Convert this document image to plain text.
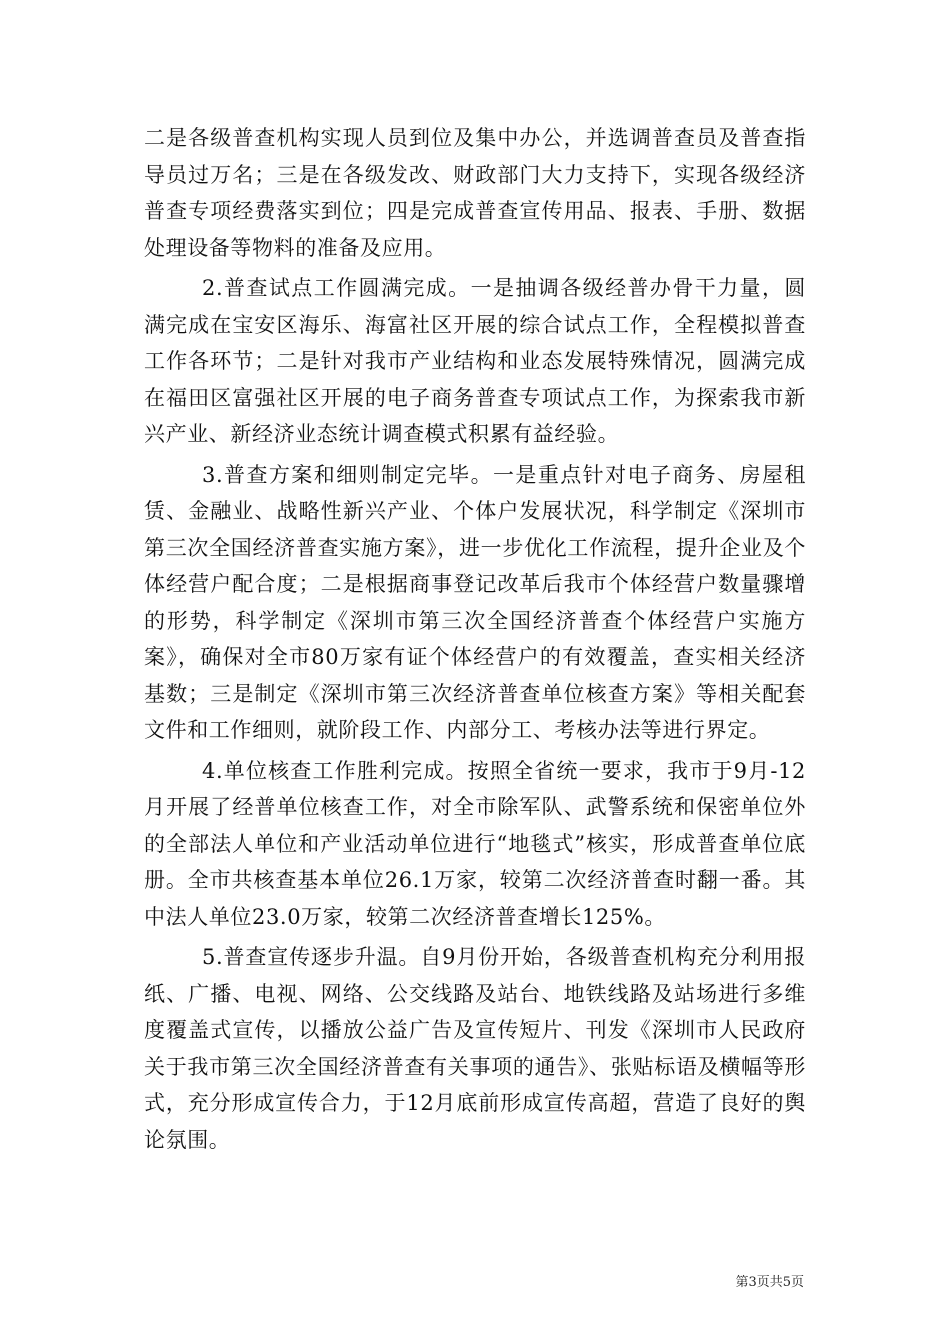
二是各级普查机构实现人员到位及集中办公，并选调普查员及普查指导员过万名；三是在各级发改、财政部门大力支持下，实现各级经济普查专项经费落实到位；四是完成普查宣传用品、报表、手册、数据处理设备等物料的准备及应用。

2.普查试点工作圆满完成。一是抽调各级经普办骨干力量，圆满完成在宝安区海乐、海富社区开展的综合试点工作，全程模拟普查工作各环节；二是针对我市产业结构和业态发展特殊情况，圆满完成在福田区富强社区开展的电子商务普查专项试点工作，为探索我市新兴产业、新经济业态统计调查模式积累有益经验。

3.普查方案和细则制定完毕。一是重点针对电子商务、房屋租赁、金融业、战略性新兴产业、个体户发展状况，科学制定《深圳市第三次全国经济普查实施方案》，进一步优化工作流程，提升企业及个体经营户配合度；二是根据商事登记改革后我市个体经营户数量骤增的形势，科学制定《深圳市第三次全国经济普查个体经营户实施方案》，确保对全市80万家有证个体经营户的有效覆盖，查实相关经济基数；三是制定《深圳市第三次经济普查单位核查方案》等相关配套文件和工作细则，就阶段工作、内部分工、考核办法等进行界定。

4.单位核查工作胜利完成。按照全省统一要求，我市于9月-12月开展了经普单位核查工作，对全市除军队、武警系统和保密单位外的全部法人单位和产业活动单位进行“地毯式”核实，形成普查单位底册。全市共核查基本单位26.1万家，较第二次经济普查时翻一番。其中法人单位23.0万家，较第二次经济普查增长125%。

5.普查宣传逐步升温。自9月份开始，各级普查机构充分利用报纸、广播、电视、网络、公交线路及站台、地铁线路及站场进行多维度覆盖式宣传，以播放公益广告及宣传短片、刊发《深圳市人民政府关于我市第三次全国经济普查有关事项的通告》、张贴标语及横幅等形式，充分形成宣传合力，于12月底前形成宣传高超，营造了良好的舆论氛围。

第3页共5页
